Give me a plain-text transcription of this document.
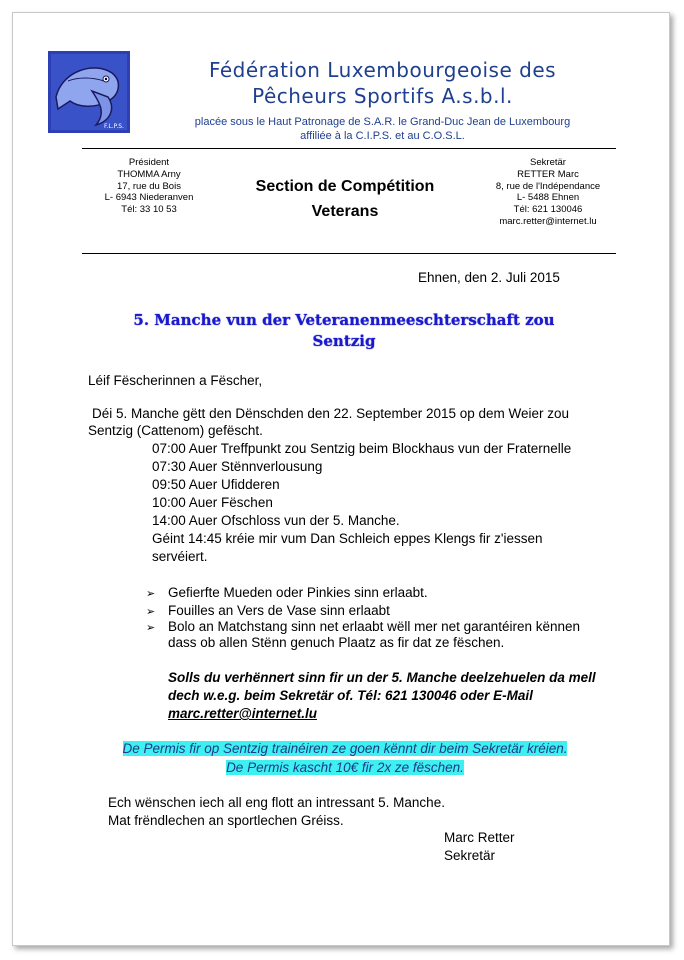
F.L.P.S.
Fédération Luxembourgeoise des
Pêcheurs Sportifs A.s.b.l.
placée sous le Haut Patronage de S.A.R. le Grand-Duc Jean de Luxembourg
affiliée à la C.I.P.S. et au C.O.S.L.
Président
THOMMA Arny
17, rue du Bois
L- 6943 Niederanven
Tél: 33 10 53
Section de Compétition
Veterans
Sekretär
RETTER Marc
8, rue de l'Indépendance
L- 5488 Ehnen
Tél: 621 130046
marc.retter@internet.lu
Ehnen, den 2. Juli 2015
5. Manche vun der Veteranenmeeschterschaft zou
Sentzig
Léif Fëscherinnen a Fëscher,
Déi 5. Manche gëtt den Dënschden den 22. September 2015 op dem Weier zou
Sentzig (Cattenom) gefëscht.
07:00 Auer Treffpunkt zou Sentzig beim Blockhaus vun der Fraternelle
07:30 Auer Stënnverlousung
09:50 Auer Ufidderen
10:00 Auer Fëschen
14:00 Auer Ofschloss vun der 5. Manche.
Géint 14:45 kréie mir vum Dan Schleich eppes Klengs fir z'iessen
servéiert.
➢ Gefierfte Mueden oder Pinkies sinn erlaabt.
➢ Fouilles an Vers de Vase sinn erlaabt
➢ Bolo an Matchstang sinn net erlaabt wëll mer net garantéiren kënnen
dass ob allen Stënn genuch Plaatz as fir dat ze fëschen.
Solls du verhënnert sinn fir un der 5. Manche deelzehuelen da mell
dech w.e.g. beim Sekretär of. Tél: 621 130046 oder E-Mail
marc.retter@internet.lu
De Permis fir op Sentzig trainéiren ze goen kënnt dir beim Sekretär kréien.
De Permis kascht 10€ fir 2x ze fëschen.
Ech wënschen iech all eng flott an intressant 5. Manche.
Mat frëndlechen an sportlechen Gréiss.
Marc Retter
Sekretär
